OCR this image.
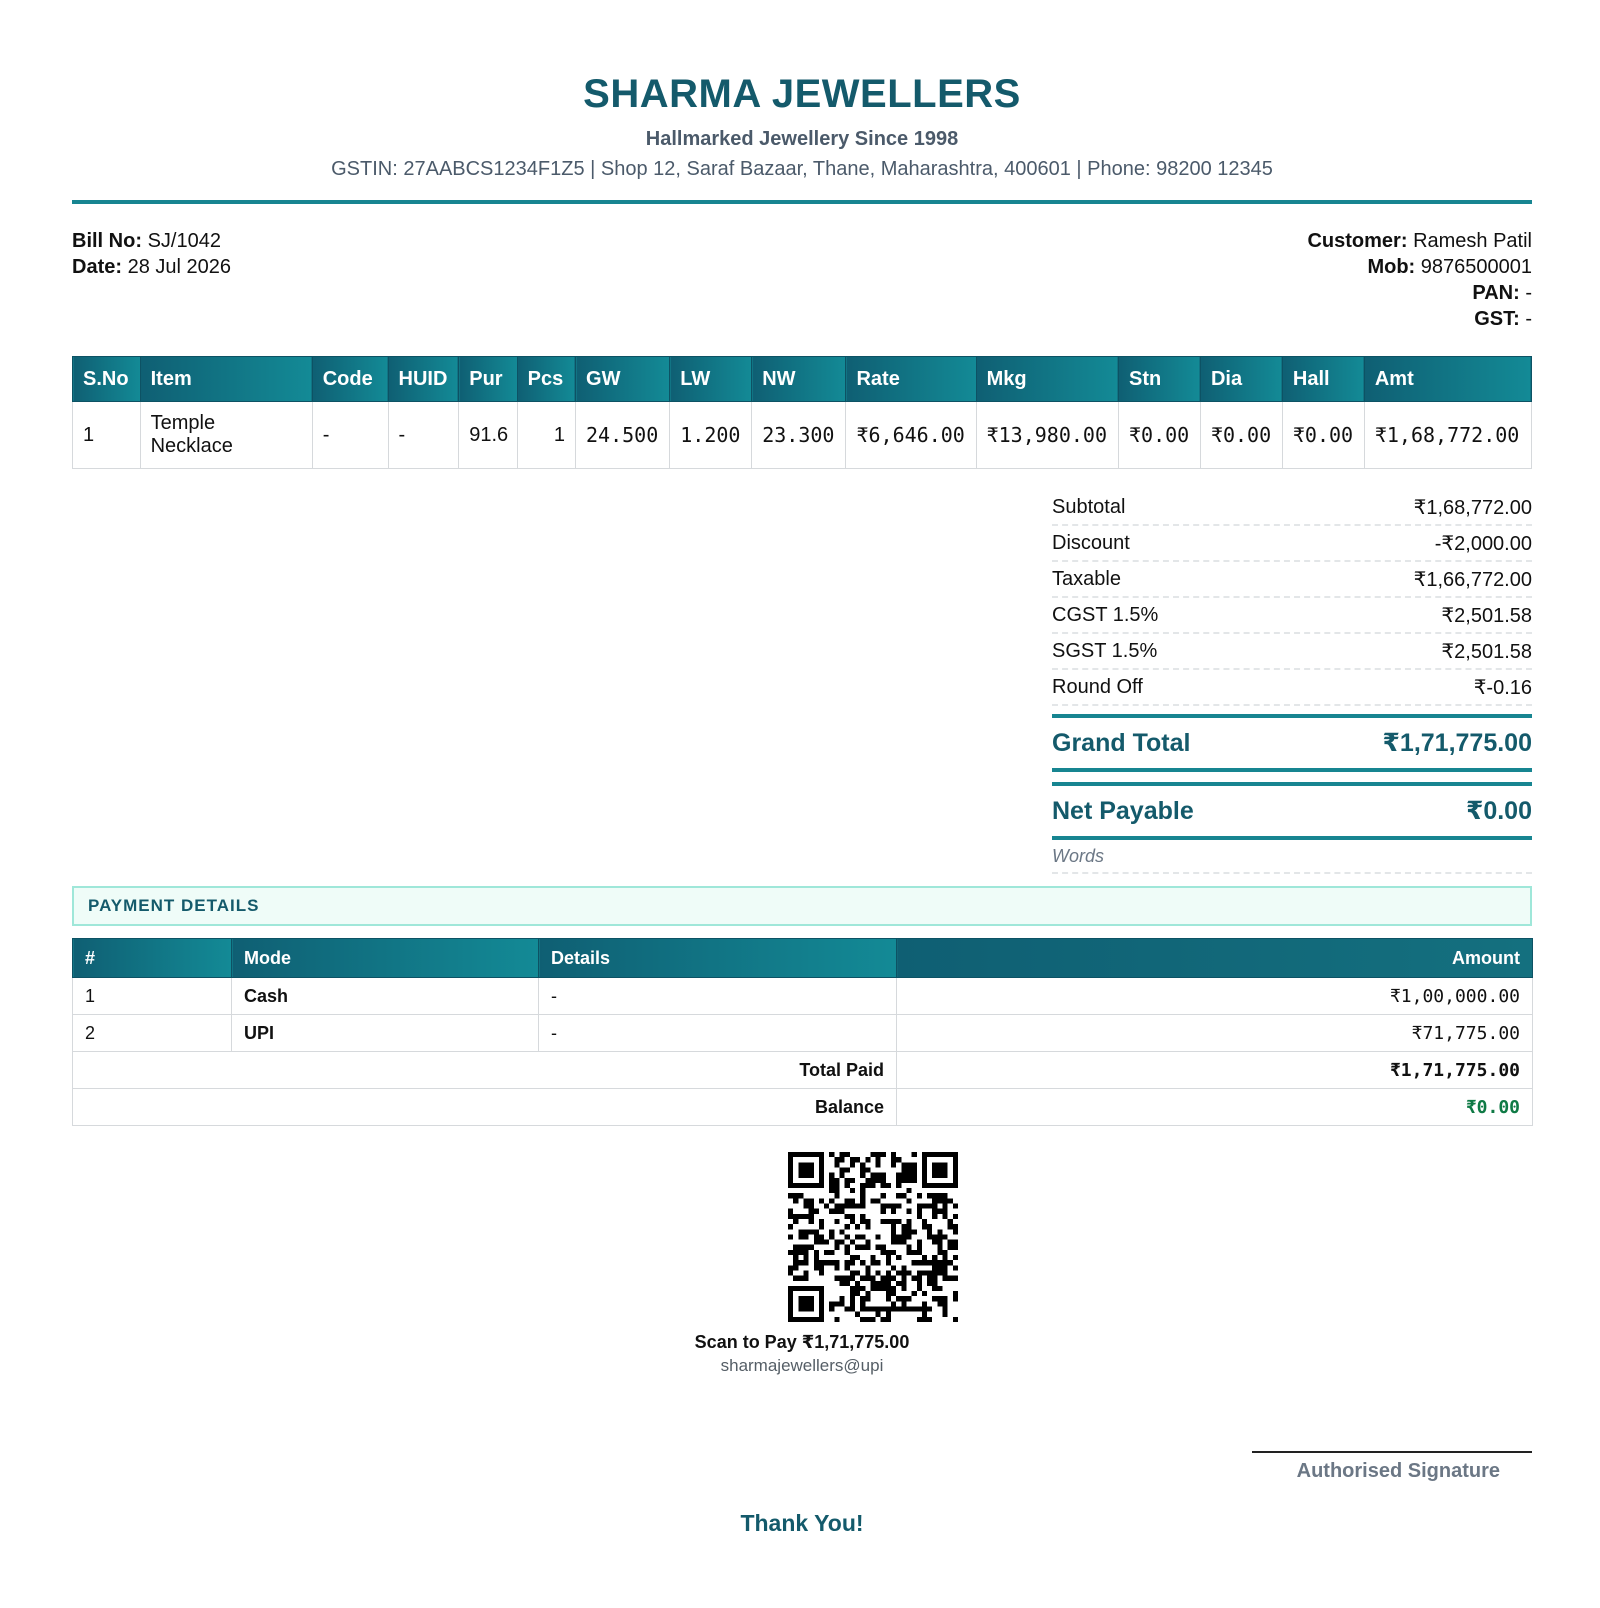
SHARMA JEWELLERS
Hallmarked Jewellery Since 1998
GSTIN: 27AABCS1234F1Z5 | Shop 12, Saraf Bazaar, Thane, Maharashtra, 400601 | Phone: 98200 12345
Bill No: SJ/1042
Date: 28 Jul 2026
Customer: Ramesh Patil
Mob: 9876500001
PAN: -
GST: -
S.No	Item	Code	HUID	Pur	Pcs	GW	LW	NW	Rate	Mkg	Stn	Dia	Hall	Amt
1	Temple Necklace	-	-	91.6	1	24.500	1.200	23.300	₹6,646.00	₹13,980.00	₹0.00	₹0.00	₹0.00	₹1,68,772.00
Subtotal	₹1,68,772.00
Discount	-₹2,000.00
Taxable	₹1,66,772.00
CGST 1.5%	₹2,501.58
SGST 1.5%	₹2,501.58
Round Off	₹-0.16
Grand Total	₹1,71,775.00
Net Payable	₹0.00
Words
PAYMENT DETAILS
#	Mode	Details	Amount
1	Cash	-	₹1,00,000.00
2	UPI	-	₹71,775.00
Total Paid			₹1,71,775.00
Balance			₹0.00
Scan to Pay ₹1,71,775.00
sharmajewellers@upi
Authorised Signature
Thank You!
